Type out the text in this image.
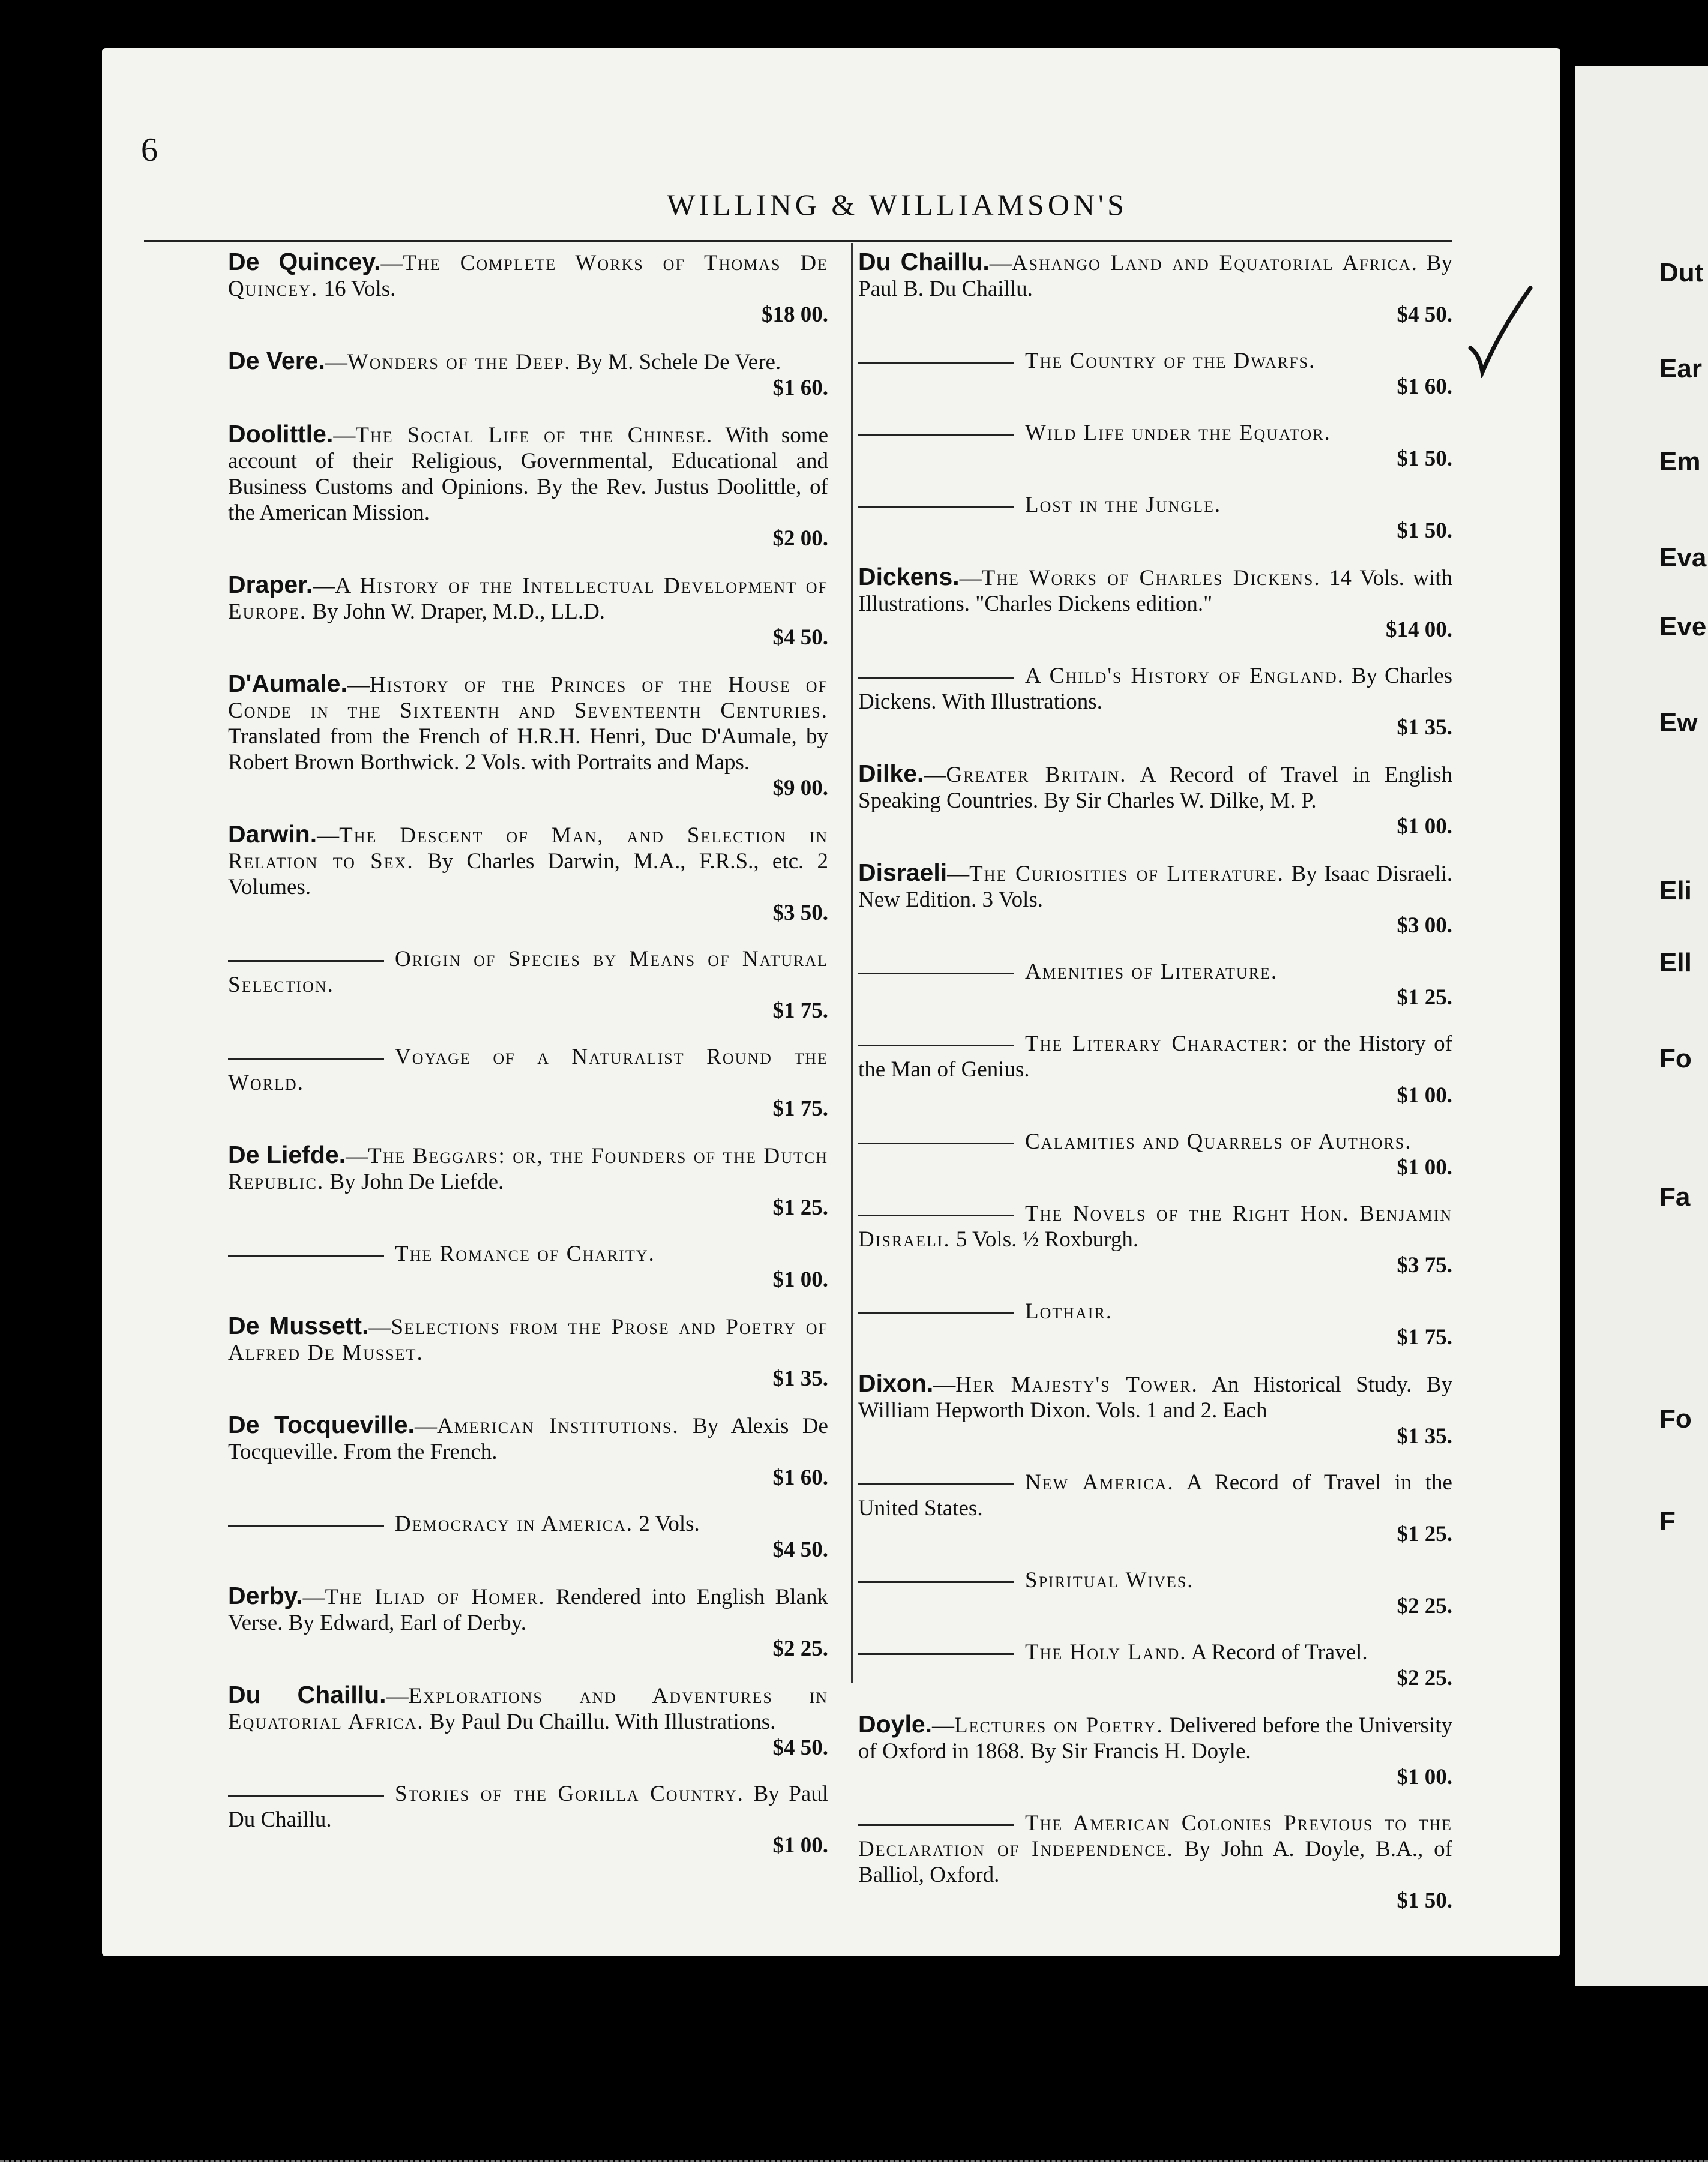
Dut
Ear
Em
Eva
Eve
Ew
Eli
Ell
Fo
Fa
Fo
F
6
WILLING & WILLIAMSON'S
De Quincey.—The Complete Works of Thomas De Quincey. 16 Vols.
$18 00.
De Vere.—Wonders of the Deep. By M. Schele De Vere.
$1 60.
Doolittle.—The Social Life of the Chinese. With some account of their Religious, Governmental, Educational and Business Customs and Opinions. By the Rev. Justus Doolittle, of the American Mission.
$2 00.
Draper.—A History of the Intellectual Development of Europe. By John W. Draper, M.D., LL.D.
$4 50.
D'Aumale.—History of the Princes of the House of Conde in the Sixteenth and Seventeenth Centuries. Translated from the French of H.R.H. Henri, Duc D'Aumale, by Robert Brown Borthwick. 2 Vols. with Portraits and Maps.
$9 00.
Darwin.—The Descent of Man, and Selection in Relation to Sex. By Charles Darwin, M.A., F.R.S., etc. 2 Volumes.
$3 50.
Origin of Species by Means of Natural Selection.
$1 75.
Voyage of a Naturalist Round the World.
$1 75.
De Liefde.—The Beggars: or, the Founders of the Dutch Republic. By John De Liefde.
$1 25.
The Romance of Charity.
$1 00.
De Mussett.—Selections from the Prose and Poetry of Alfred De Musset.
$1 35.
De Tocqueville.—American Institutions. By Alexis De Tocqueville. From the French.
$1 60.
Democracy in America. 2 Vols.
$4 50.
Derby.—The Iliad of Homer. Rendered into English Blank Verse. By Edward, Earl of Derby.
$2 25.
Du Chaillu.—Explorations and Adventures in Equatorial Africa. By Paul Du Chaillu. With Illustrations.
$4 50.
Stories of the Gorilla Country. By Paul Du Chaillu.
$1 00.
Du Chaillu.—Ashango Land and Equatorial Africa. By Paul B. Du Chaillu.
$4 50.
The Country of the Dwarfs.
$1 60.
Wild Life under the Equator.
$1 50.
Lost in the Jungle.
$1 50.
Dickens.—The Works of Charles Dickens. 14 Vols. with Illustrations. "Charles Dickens edition."
$14 00.
A Child's History of England. By Charles Dickens. With Illustrations.
$1 35.
Dilke.—Greater Britain. A Record of Travel in English Speaking Countries. By Sir Charles W. Dilke, M. P.
$1 00.
Disraeli—The Curiosities of Literature. By Isaac Disraeli. New Edition. 3 Vols.
$3 00.
Amenities of Literature.
$1 25.
The Literary Character: or the History of the Man of Genius.
$1 00.
Calamities and Quarrels of Authors.
$1 00.
The Novels of the Right Hon. Benjamin Disraeli. 5 Vols. ½ Roxburgh.
$3 75.
Lothair.
$1 75.
Dixon.—Her Majesty's Tower. An Historical Study. By William Hepworth Dixon. Vols. 1 and 2. Each
$1 35.
New America. A Record of Travel in the United States.
$1 25.
Spiritual Wives.
$2 25.
The Holy Land. A Record of Travel.
$2 25.
Doyle.—Lectures on Poetry. Delivered before the University of Oxford in 1868. By Sir Francis H. Doyle.
$1 00.
The American Colonies Previous to the Declaration of Independence. By John A. Doyle, B.A., of Balliol, Oxford.
$1 50.
